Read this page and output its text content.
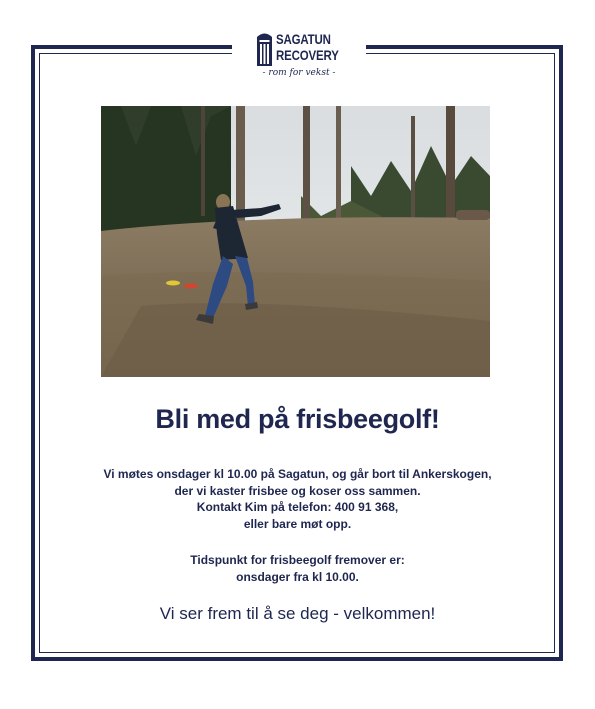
SAGATUN
RECOVERY
- rom for vekst -
Bli med på frisbeegolf!
Vi møtes onsdager kl 10.00 på Sagatun, og går bort til Ankerskogen,
der vi kaster frisbee og koser oss sammen.
Kontakt Kim på telefon: 400 91 368,
eller bare møt opp.
Tidspunkt for frisbeegolf fremover er:
onsdager fra kl 10.00.
Vi ser frem til å se deg - velkommen!
